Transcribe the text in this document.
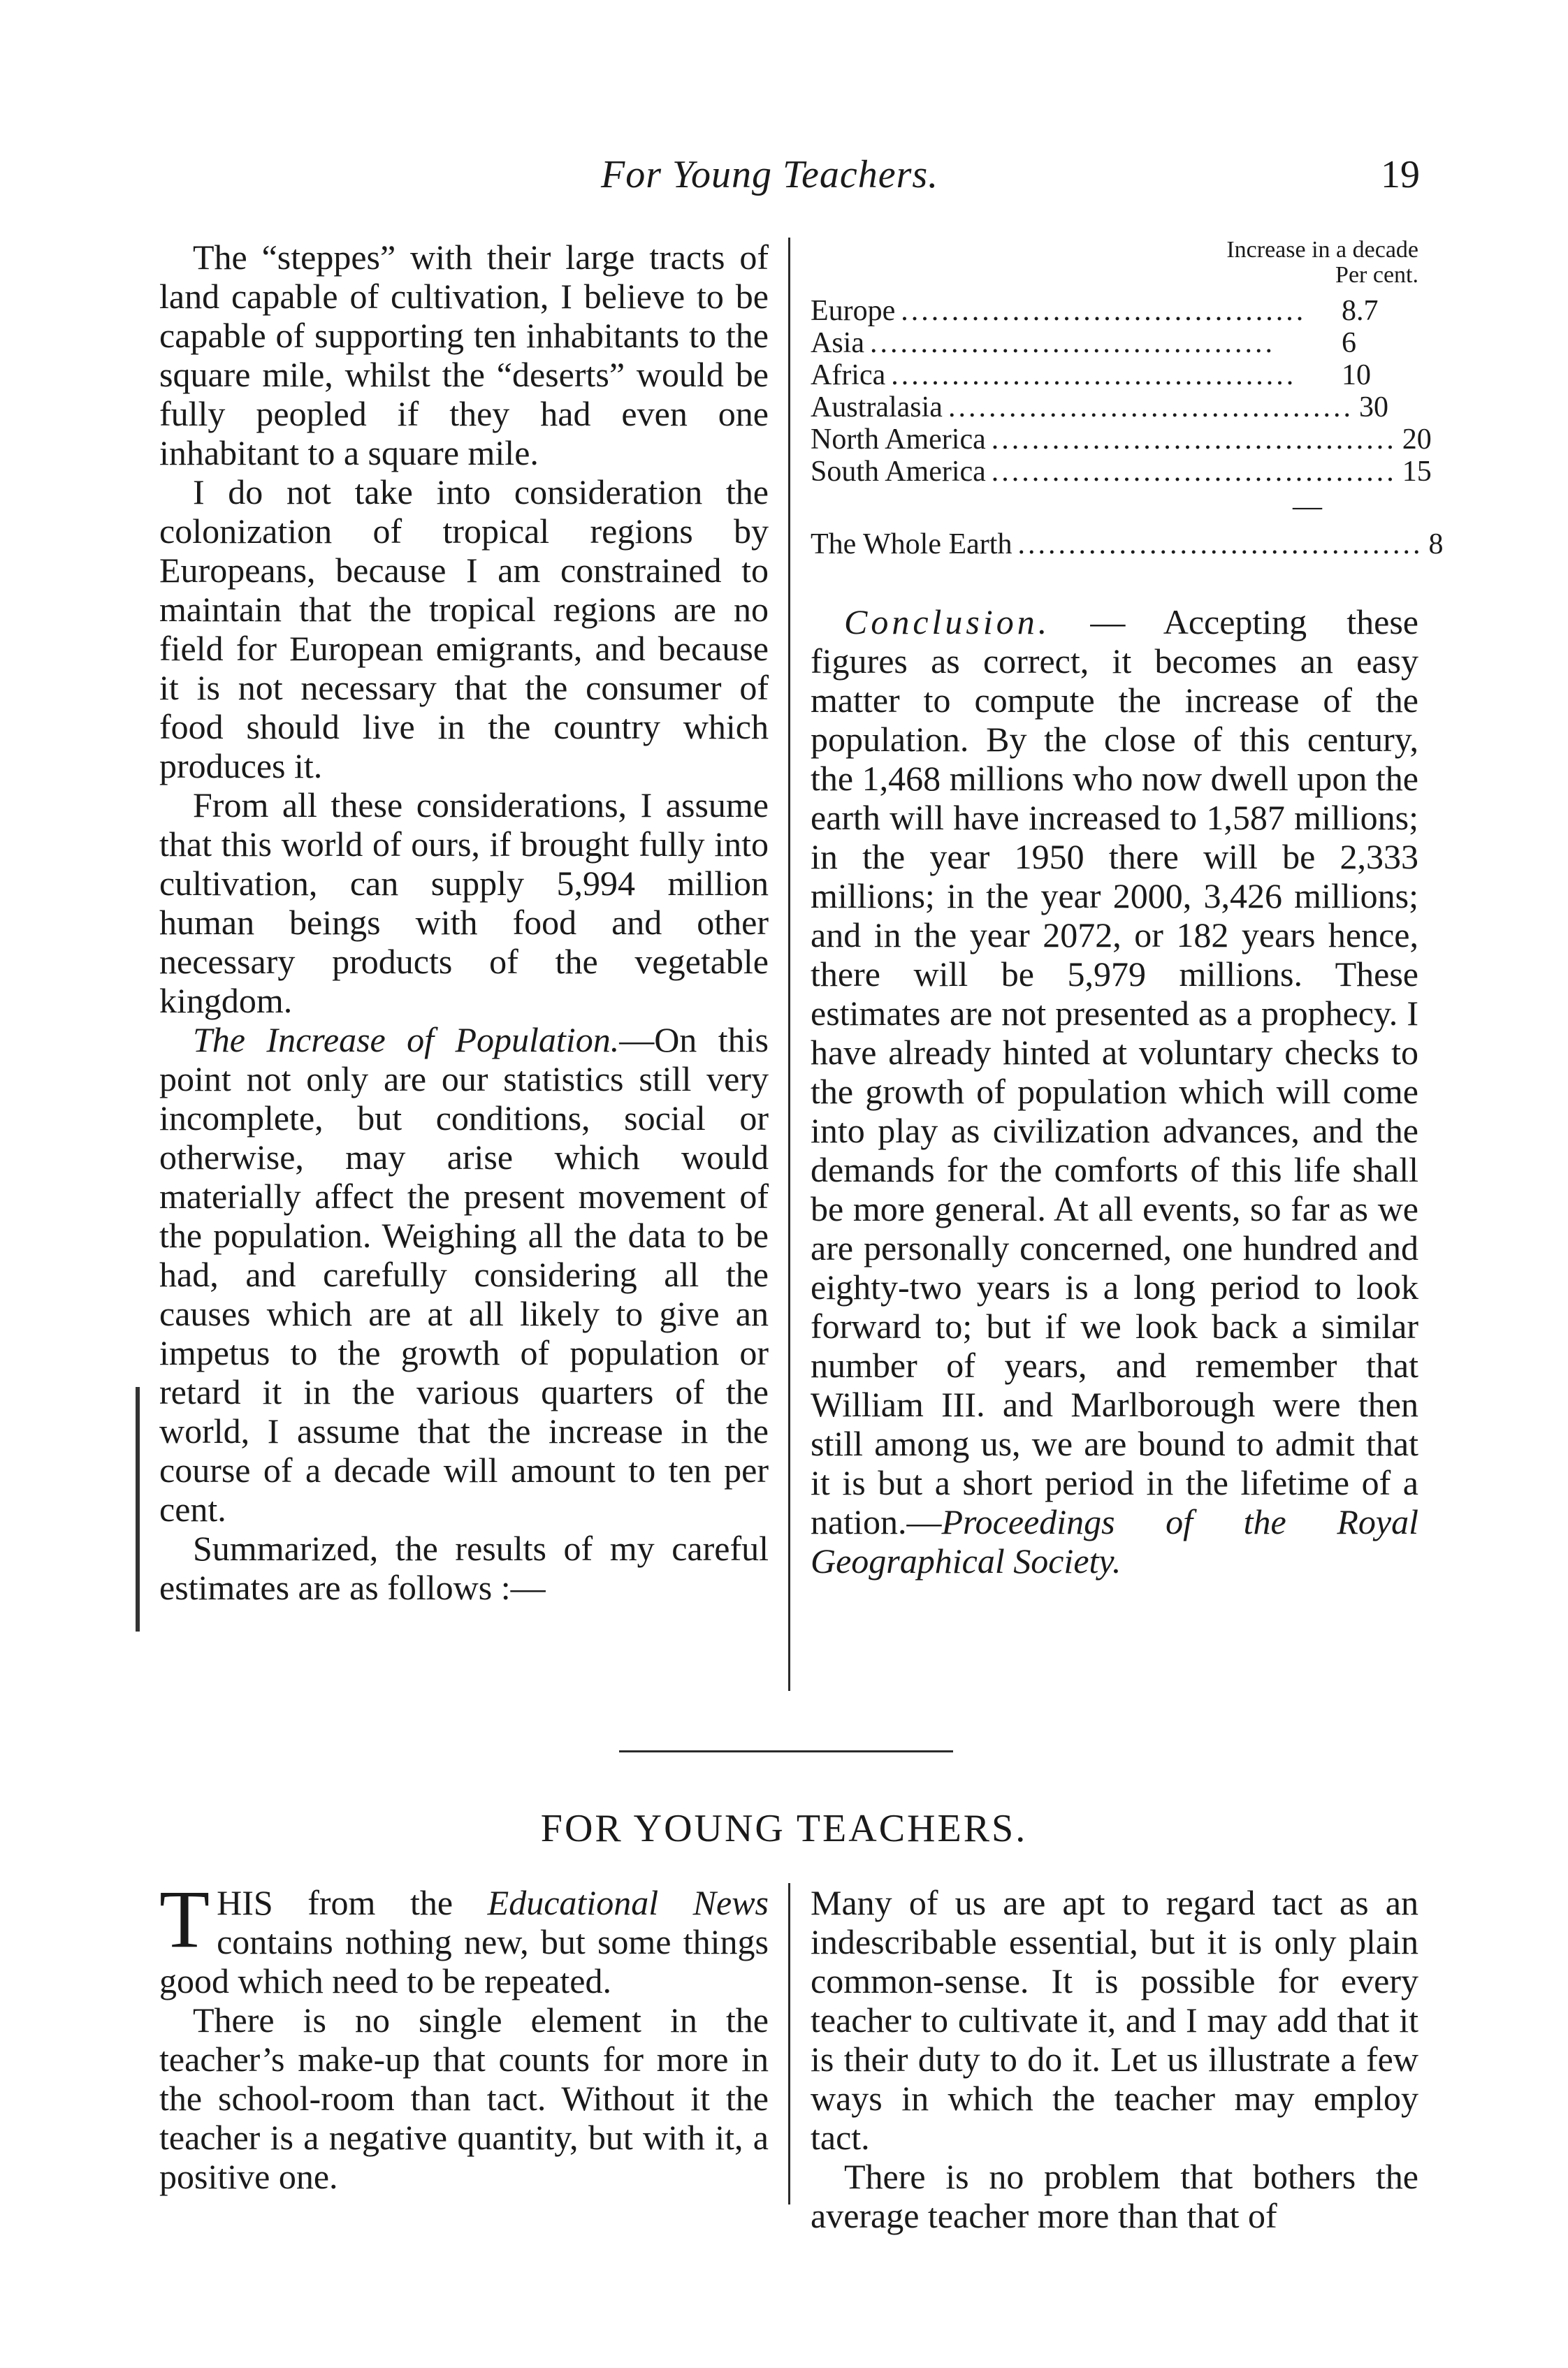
For Young Teachers.	19

The “steppes” with their large tracts of land capable of cultivation, I believe to be capable of supporting ten inhabitants to the square mile, whilst the “deserts” would be fully peopled if they had even one inhabitant to a square mile.

I do not take into consideration the colonization of tropical regions by Europeans, because I am constrained to maintain that the tropical regions are no field for European emigrants, and because it is not necessary that the consumer of food should live in the country which produces it.

From all these considerations, I assume that this world of ours, if brought fully into cultivation, can supply 5,994 million human beings with food and other necessary products of the vegetable kingdom.

The Increase of Population.—On this point not only are our statistics still very incomplete, but conditions, social or otherwise, may arise which would materially affect the present movement of the population. Weighing all the data to be had, and carefully considering all the causes which are at all likely to give an impetus to the growth of population or retard it in the various quarters of the world, I assume that the increase in the course of a decade will amount to ten per cent.

Summarized, the results of my careful estimates are as follows :—

Increase in a decade
Per cent.
Europe ........................................	8.7
Asia ........................................	6
Africa ........................................	10
Australasia ........................................ 30
North America ........................................ 20
South America ........................................ 15
—
The Whole Earth ........................................ 8

Conclusion. — Accepting these figures as correct, it becomes an easy matter to compute the increase of the population. By the close of this century, the 1,468 millions who now dwell upon the earth will have increased to 1,587 millions; in the year 1950 there will be 2,333 millions; in the year 2000, 3,426 millions; and in the year 2072, or 182 years hence, there will be 5,979 millions. These estimates are not presented as a prophecy. I have already hinted at voluntary checks to the growth of population which will come into play as civilization advances, and the demands for the comforts of this life shall be more general. At all events, so far as we are personally concerned, one hundred and eighty-two years is a long period to look forward to; but if we look back a similar number of years, and remember that William III. and Marlborough were then still among us, we are bound to admit that it is but a short period in the lifetime of a nation.—Proceedings of the Royal Geographical Society.

FOR YOUNG TEACHERS.

THIS from the Educational News contains nothing new, but some things good which need to be repeated.

There is no single element in the teacher’s make-up that counts for more in the school-room than tact. Without it the teacher is a negative quantity, but with it, a positive one.

Many of us are apt to regard tact as an indescribable essential, but it is only plain common-sense. It is possible for every teacher to cultivate it, and I may add that it is their duty to do it. Let us illustrate a few ways in which the teacher may employ tact.

There is no problem that bothers the average teacher more than that of
